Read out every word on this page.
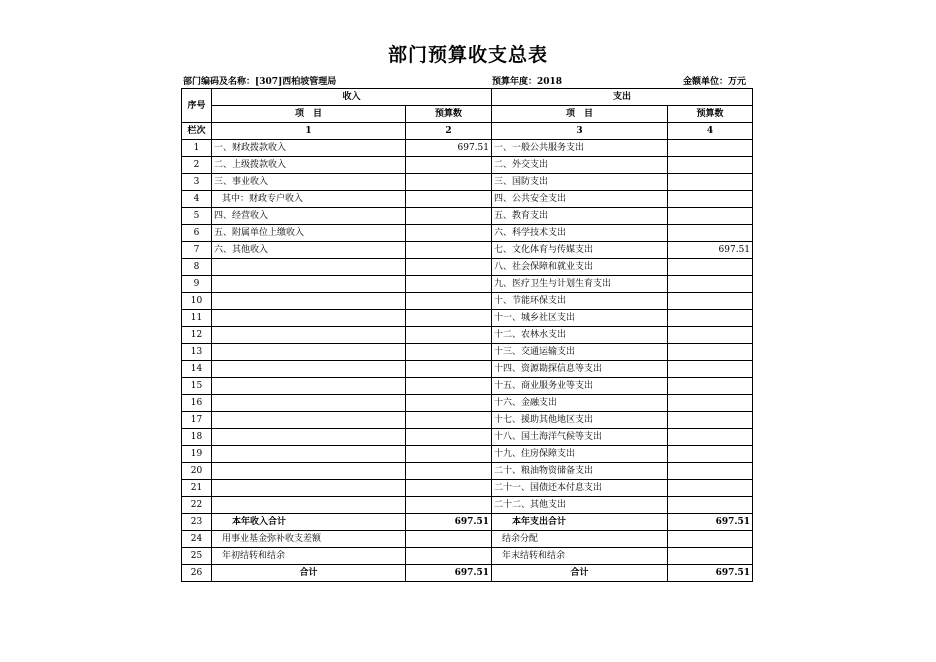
部门预算收支总表
部门编码及名称：[307]西柏坡管理局	预算年度：2018	金额单位：万元
序号	收入		支出	
	项　目	预算数	项　目	预算数
栏次	1	2	3	4
1	一、财政拨款收入	697.51	一、一般公共服务支出	
2	二、上级拨款收入		二、外交支出	
3	三、事业收入		三、国防支出	
4	其中：财政专户收入		四、公共安全支出	
5	四、经营收入		五、教育支出	
6	五、附属单位上缴收入		六、科学技术支出	
7	六、其他收入		七、文化体育与传媒支出	697.51
8			八、社会保障和就业支出	
9			九、医疗卫生与计划生育支出	
10			十、节能环保支出	
11			十一、城乡社区支出	
12			十二、农林水支出	
13			十三、交通运输支出	
14			十四、资源勘探信息等支出	
15			十五、商业服务业等支出	
16			十六、金融支出	
17			十七、援助其他地区支出	
18			十八、国土海洋气候等支出	
19			十九、住房保障支出	
20			二十、粮油物资储备支出	
21			二十一、国债还本付息支出	
22			二十二、其他支出	
23	本年收入合计	697.51	本年支出合计	697.51
24	用事业基金弥补收支差额		结余分配	
25	年初结转和结余		年末结转和结余	
26	合计	697.51	合计	697.51
